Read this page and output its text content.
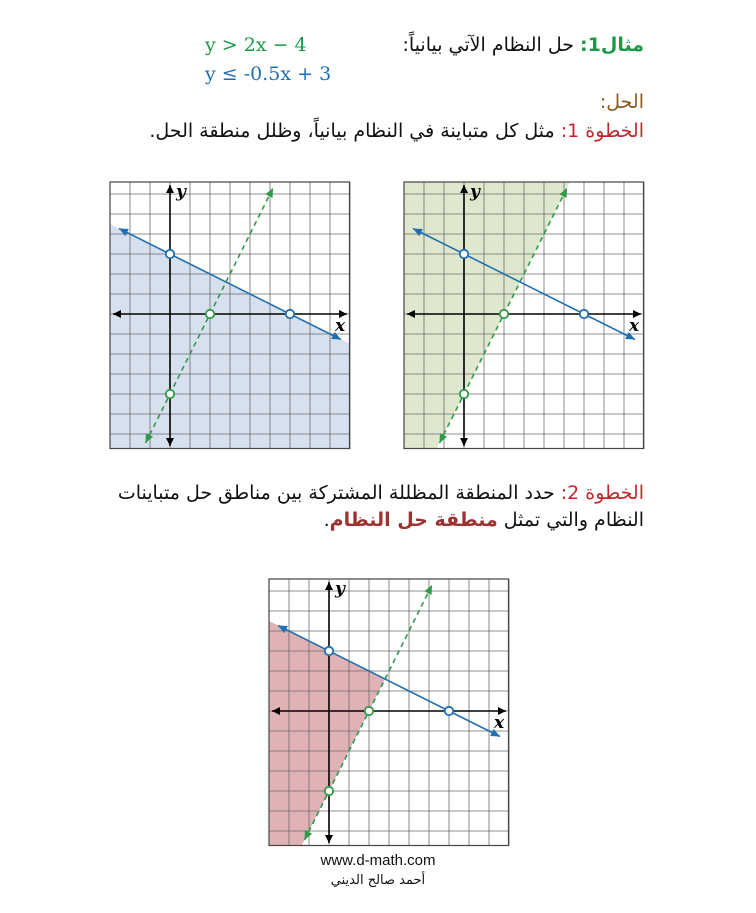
مثال1: حل النظام الآتي بيانياً:
y > 2x − 4
y ≤ -0.5x + 3
الحل:
الخطوة 1: مثل كل متباينة في النظام بيانياً، وظلل منطقة الحل.
x
y
x
y
الخطوة 2: حدد المنطقة المظللة المشتركة بين مناطق حل متباينات النظام والتي تمثل منطقة حل النظام.
x
y
www.d-math.com
أحمد صالح الديني
